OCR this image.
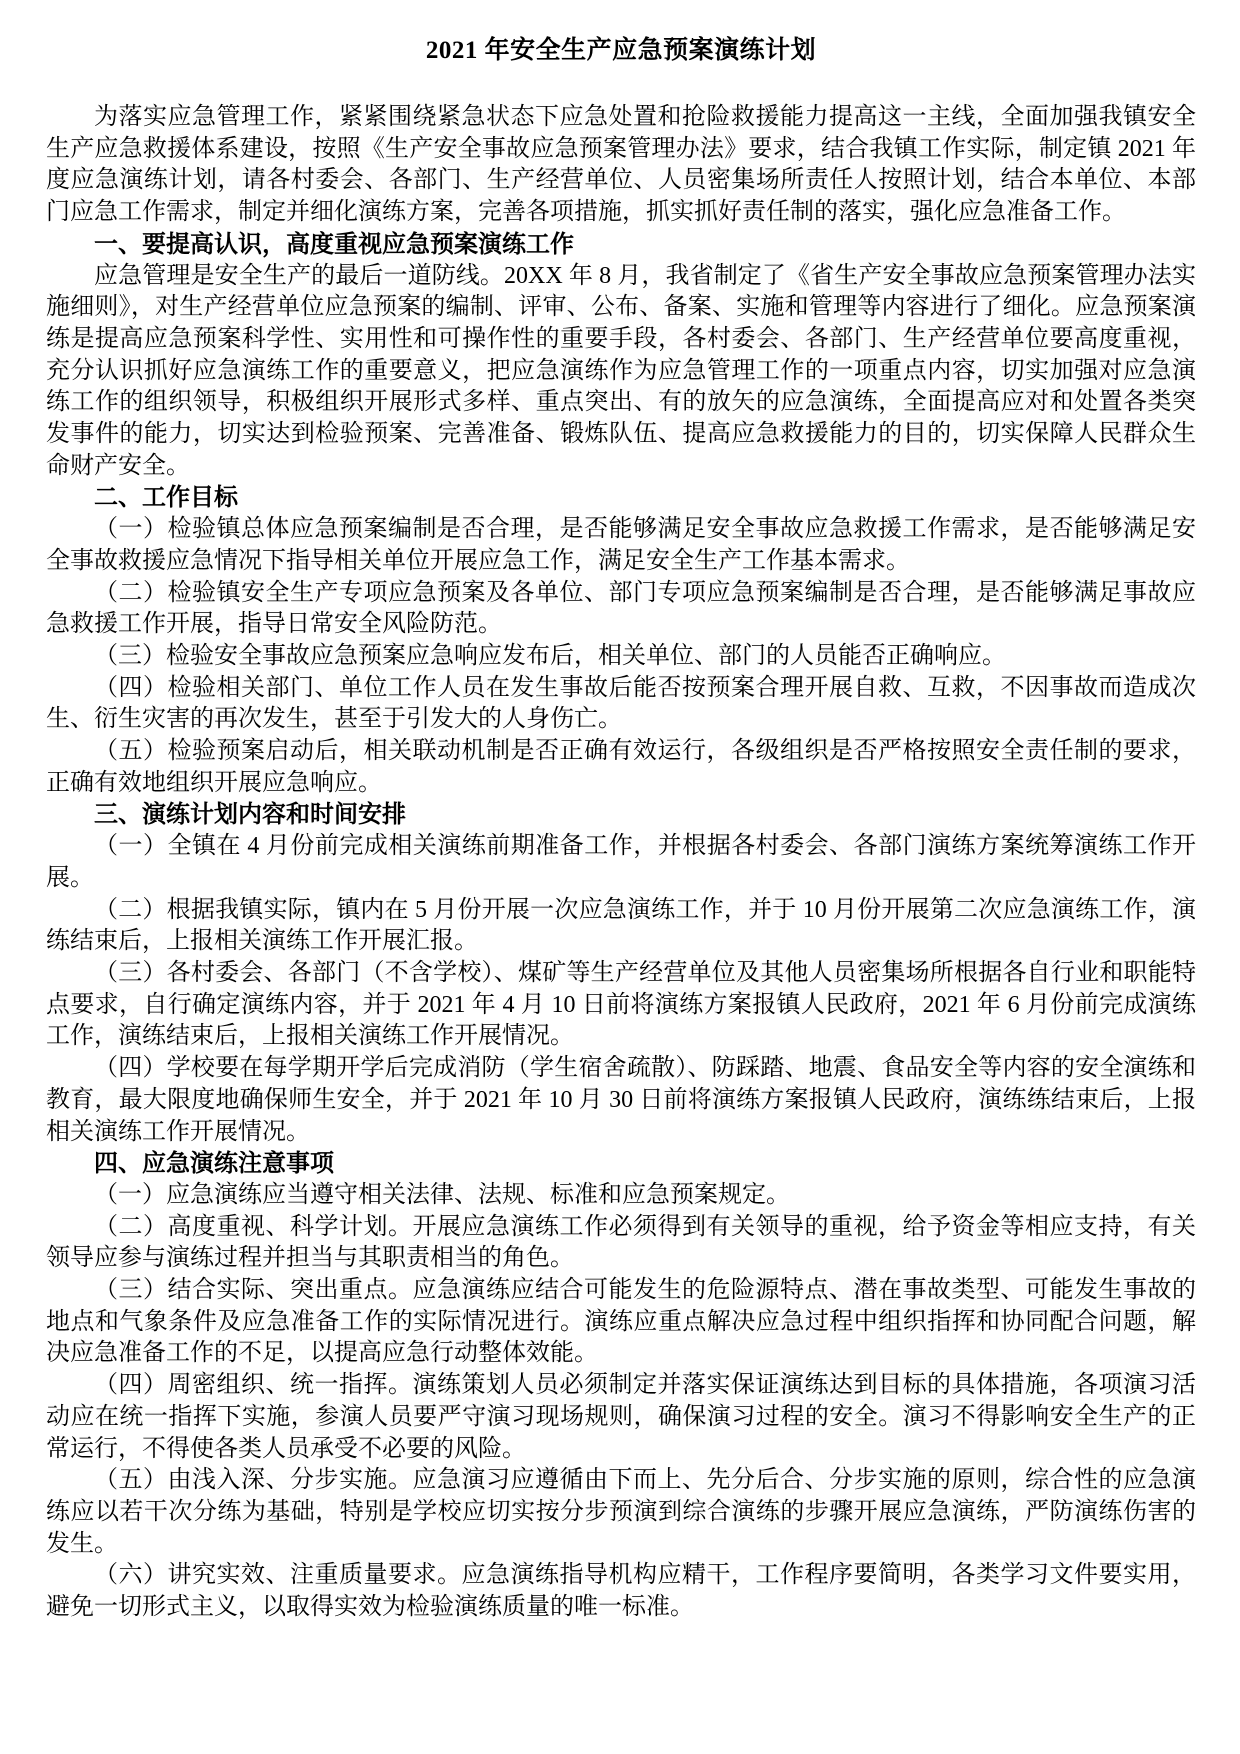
2021 年安全生产应急预案演练计划

为落实应急管理工作，紧紧围绕紧急状态下应急处置和抢险救援能力提高这一主线，全面加强我镇安全生产应急救援体系建设，按照《生产安全事故应急预案管理办法》要求，结合我镇工作实际，制定镇 2021 年度应急演练计划，请各村委会、各部门、生产经营单位、人员密集场所责任人按照计划，结合本单位、本部门应急工作需求，制定并细化演练方案，完善各项措施，抓实抓好责任制的落实，强化应急准备工作。

一、要提高认识，高度重视应急预案演练工作

应急管理是安全生产的最后一道防线。20XX 年 8 月，我省制定了《省生产安全事故应急预案管理办法实施细则》，对生产经营单位应急预案的编制、评审、公布、备案、实施和管理等内容进行了细化。应急预案演练是提高应急预案科学性、实用性和可操作性的重要手段，各村委会、各部门、生产经营单位要高度重视，充分认识抓好应急演练工作的重要意义，把应急演练作为应急管理工作的一项重点内容，切实加强对应急演练工作的组织领导，积极组织开展形式多样、重点突出、有的放矢的应急演练，全面提高应对和处置各类突发事件的能力，切实达到检验预案、完善准备、锻炼队伍、提高应急救援能力的目的，切实保障人民群众生命财产安全。

二、工作目标

（一）检验镇总体应急预案编制是否合理，是否能够满足安全事故应急救援工作需求，是否能够满足安全事故救援应急情况下指导相关单位开展应急工作，满足安全生产工作基本需求。

（二）检验镇安全生产专项应急预案及各单位、部门专项应急预案编制是否合理，是否能够满足事故应急救援工作开展，指导日常安全风险防范。

（三）检验安全事故应急预案应急响应发布后，相关单位、部门的人员能否正确响应。

（四）检验相关部门、单位工作人员在发生事故后能否按预案合理开展自救、互救，不因事故而造成次生、衍生灾害的再次发生，甚至于引发大的人身伤亡。

（五）检验预案启动后，相关联动机制是否正确有效运行，各级组织是否严格按照安全责任制的要求，正确有效地组织开展应急响应。

三、演练计划内容和时间安排

（一）全镇在 4 月份前完成相关演练前期准备工作，并根据各村委会、各部门演练方案统筹演练工作开展。

（二）根据我镇实际，镇内在 5 月份开展一次应急演练工作，并于 10 月份开展第二次应急演练工作，演练结束后，上报相关演练工作开展汇报。

（三）各村委会、各部门（不含学校）、煤矿等生产经营单位及其他人员密集场所根据各自行业和职能特点要求，自行确定演练内容，并于 2021 年 4 月 10 日前将演练方案报镇人民政府，2021 年 6 月份前完成演练工作，演练结束后，上报相关演练工作开展情况。

（四）学校要在每学期开学后完成消防（学生宿舍疏散）、防踩踏、地震、食品安全等内容的安全演练和教育，最大限度地确保师生安全，并于 2021 年 10 月 30 日前将演练方案报镇人民政府，演练练结束后，上报相关演练工作开展情况。

四、应急演练注意事项

（一）应急演练应当遵守相关法律、法规、标准和应急预案规定。

（二）高度重视、科学计划。开展应急演练工作必须得到有关领导的重视，给予资金等相应支持，有关领导应参与演练过程并担当与其职责相当的角色。

（三）结合实际、突出重点。应急演练应结合可能发生的危险源特点、潜在事故类型、可能发生事故的地点和气象条件及应急准备工作的实际情况进行。演练应重点解决应急过程中组织指挥和协同配合问题，解决应急准备工作的不足，以提高应急行动整体效能。

（四）周密组织、统一指挥。演练策划人员必须制定并落实保证演练达到目标的具体措施，各项演习活动应在统一指挥下实施，参演人员要严守演习现场规则，确保演习过程的安全。演习不得影响安全生产的正常运行，不得使各类人员承受不必要的风险。

（五）由浅入深、分步实施。应急演习应遵循由下而上、先分后合、分步实施的原则，综合性的应急演练应以若干次分练为基础，特别是学校应切实按分步预演到综合演练的步骤开展应急演练，严防演练伤害的发生。

（六）讲究实效、注重质量要求。应急演练指导机构应精干，工作程序要简明，各类学习文件要实用，避免一切形式主义，以取得实效为检验演练质量的唯一标准。
